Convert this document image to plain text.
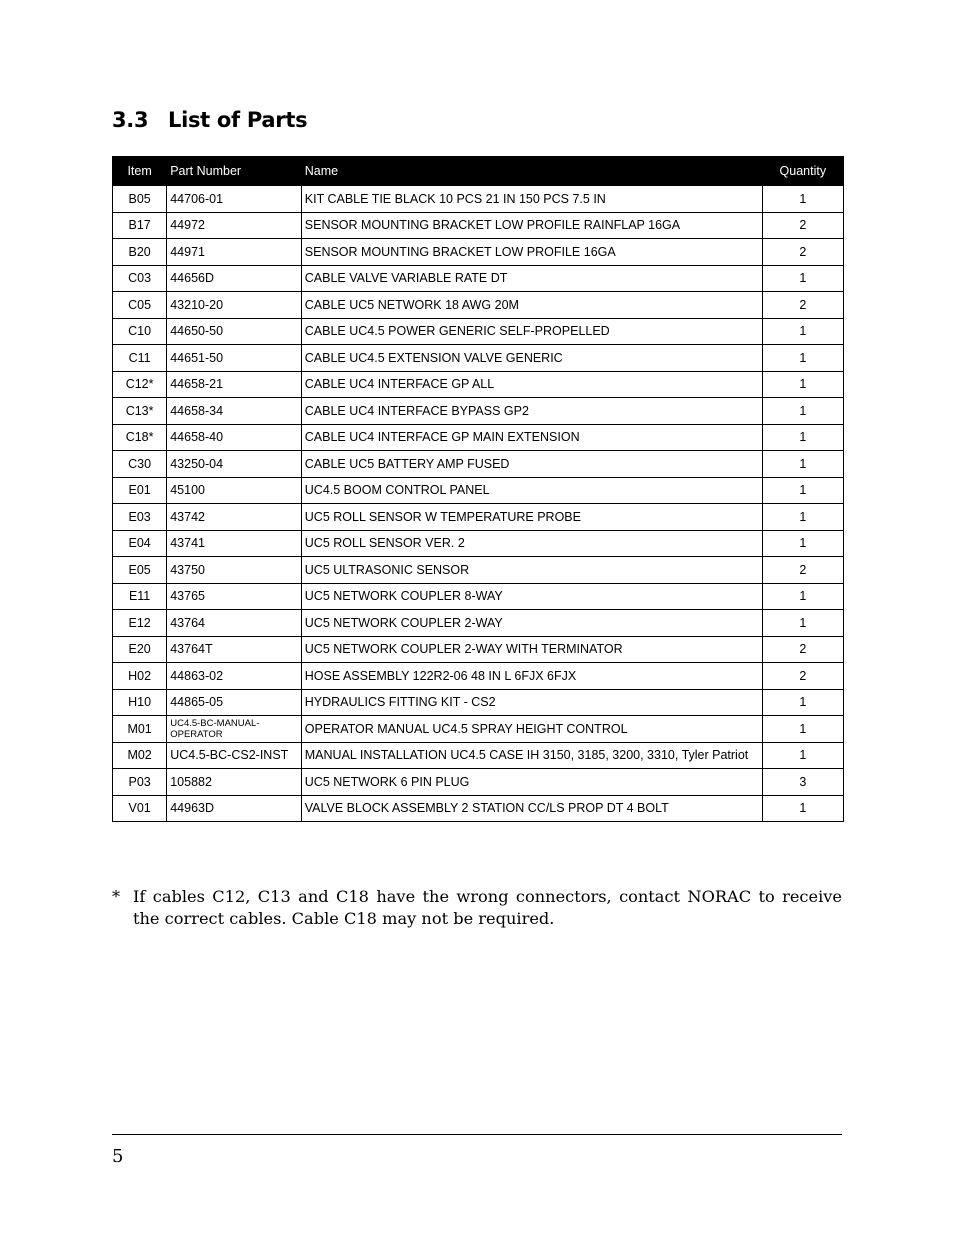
3.3 List of Parts
Item	Part Number	Name	Quantity
B05	44706-01	KIT CABLE TIE BLACK 10 PCS 21 IN 150 PCS 7.5 IN	1
B17	44972	SENSOR MOUNTING BRACKET LOW PROFILE RAINFLAP 16GA	2
B20	44971	SENSOR MOUNTING BRACKET LOW PROFILE 16GA	2
C03	44656D	CABLE VALVE VARIABLE RATE DT	1
C05	43210-20	CABLE UC5 NETWORK 18 AWG 20M	2
C10	44650-50	CABLE UC4.5 POWER GENERIC SELF-PROPELLED	1
C11	44651-50	CABLE UC4.5 EXTENSION VALVE GENERIC	1
C12*	44658-21	CABLE UC4 INTERFACE GP ALL	1
C13*	44658-34	CABLE UC4 INTERFACE BYPASS GP2	1
C18*	44658-40	CABLE UC4 INTERFACE GP MAIN EXTENSION	1
C30	43250-04	CABLE UC5 BATTERY AMP FUSED	1
E01	45100	UC4.5 BOOM CONTROL PANEL	1
E03	43742	UC5 ROLL SENSOR W TEMPERATURE PROBE	1
E04	43741	UC5 ROLL SENSOR VER. 2	1
E05	43750	UC5 ULTRASONIC SENSOR	2
E11	43765	UC5 NETWORK COUPLER 8-WAY	1
E12	43764	UC5 NETWORK COUPLER 2-WAY	1
E20	43764T	UC5 NETWORK COUPLER 2-WAY WITH TERMINATOR	2
H02	44863-02	HOSE ASSEMBLY 122R2-06 48 IN L 6FJX 6FJX	2
H10	44865-05	HYDRAULICS FITTING KIT - CS2	1
M01	UC4.5-BC-MANUAL-OPERATOR	OPERATOR MANUAL UC4.5 SPRAY HEIGHT CONTROL	1
M02	UC4.5-BC-CS2-INST	MANUAL INSTALLATION UC4.5 CASE IH 3150, 3185, 3200, 3310, Tyler Patriot	1
P03	105882	UC5 NETWORK 6 PIN PLUG	3
V01	44963D	VALVE BLOCK ASSEMBLY 2 STATION CC/LS PROP DT 4 BOLT	1
* If cables C12, C13 and C18 have the wrong connectors, contact NORAC to receive the correct cables. Cable C18 may not be required.
5
